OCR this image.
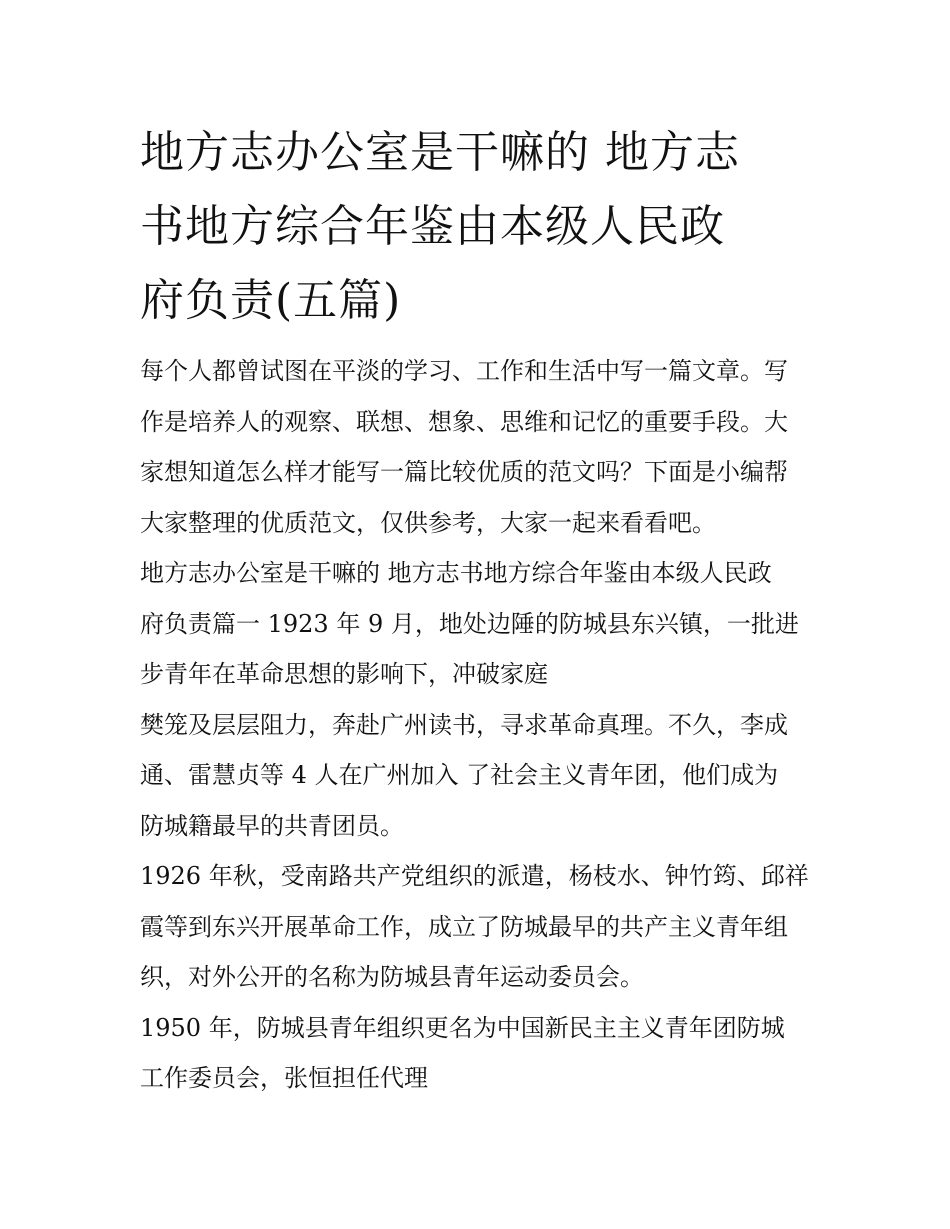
地方志办公室是干嘛的 地方志
书地方综合年鉴由本级人民政
府负责(五篇)
每个人都曾试图在平淡的学习、工作和生活中写一篇文章。写
作是培养人的观察、联想、想象、思维和记忆的重要手段。大
家想知道怎么样才能写一篇比较优质的范文吗？下面是小编帮
大家整理的优质范文，仅供参考，大家一起来看看吧。
地方志办公室是干嘛的 地方志书地方综合年鉴由本级人民政
府负责篇一 1923 年 9 月，地处边陲的防城县东兴镇，一批进
步青年在革命思想的影响下，冲破家庭
樊笼及层层阻力，奔赴广州读书，寻求革命真理。不久，李成
通、雷慧贞等 4 人在广州加入 了社会主义青年团，他们成为
防城籍最早的共青团员。
1926 年秋，受南路共产党组织的派遣，杨枝水、钟竹筠、邱祥
霞等到东兴开展革命工作，成立了防城最早的共产主义青年组
织，对外公开的名称为防城县青年运动委员会。
1950 年，防城县青年组织更名为中国新民主主义青年团防城
工作委员会，张恒担任代理
